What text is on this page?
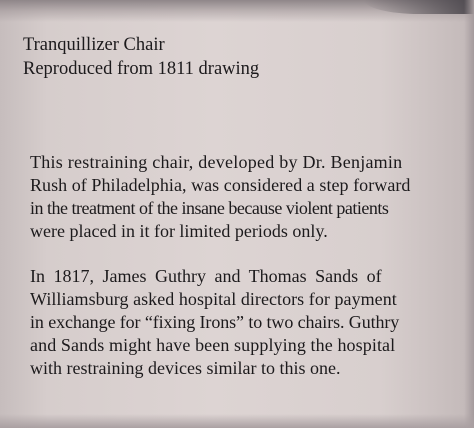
Tranquillizer Chair
Reproduced from 1811 drawing
This restraining chair, developed by Dr. Benjamin
Rush of Philadelphia, was considered a step forward
in the treatment of the insane because violent patients
were placed in it for limited periods only.
In 1817, James Guthry and Thomas Sands of
Williamsburg asked hospital directors for payment
in exchange for “fixing Irons” to two chairs. Guthry
and Sands might have been supplying the hospital
with restraining devices similar to this one.
